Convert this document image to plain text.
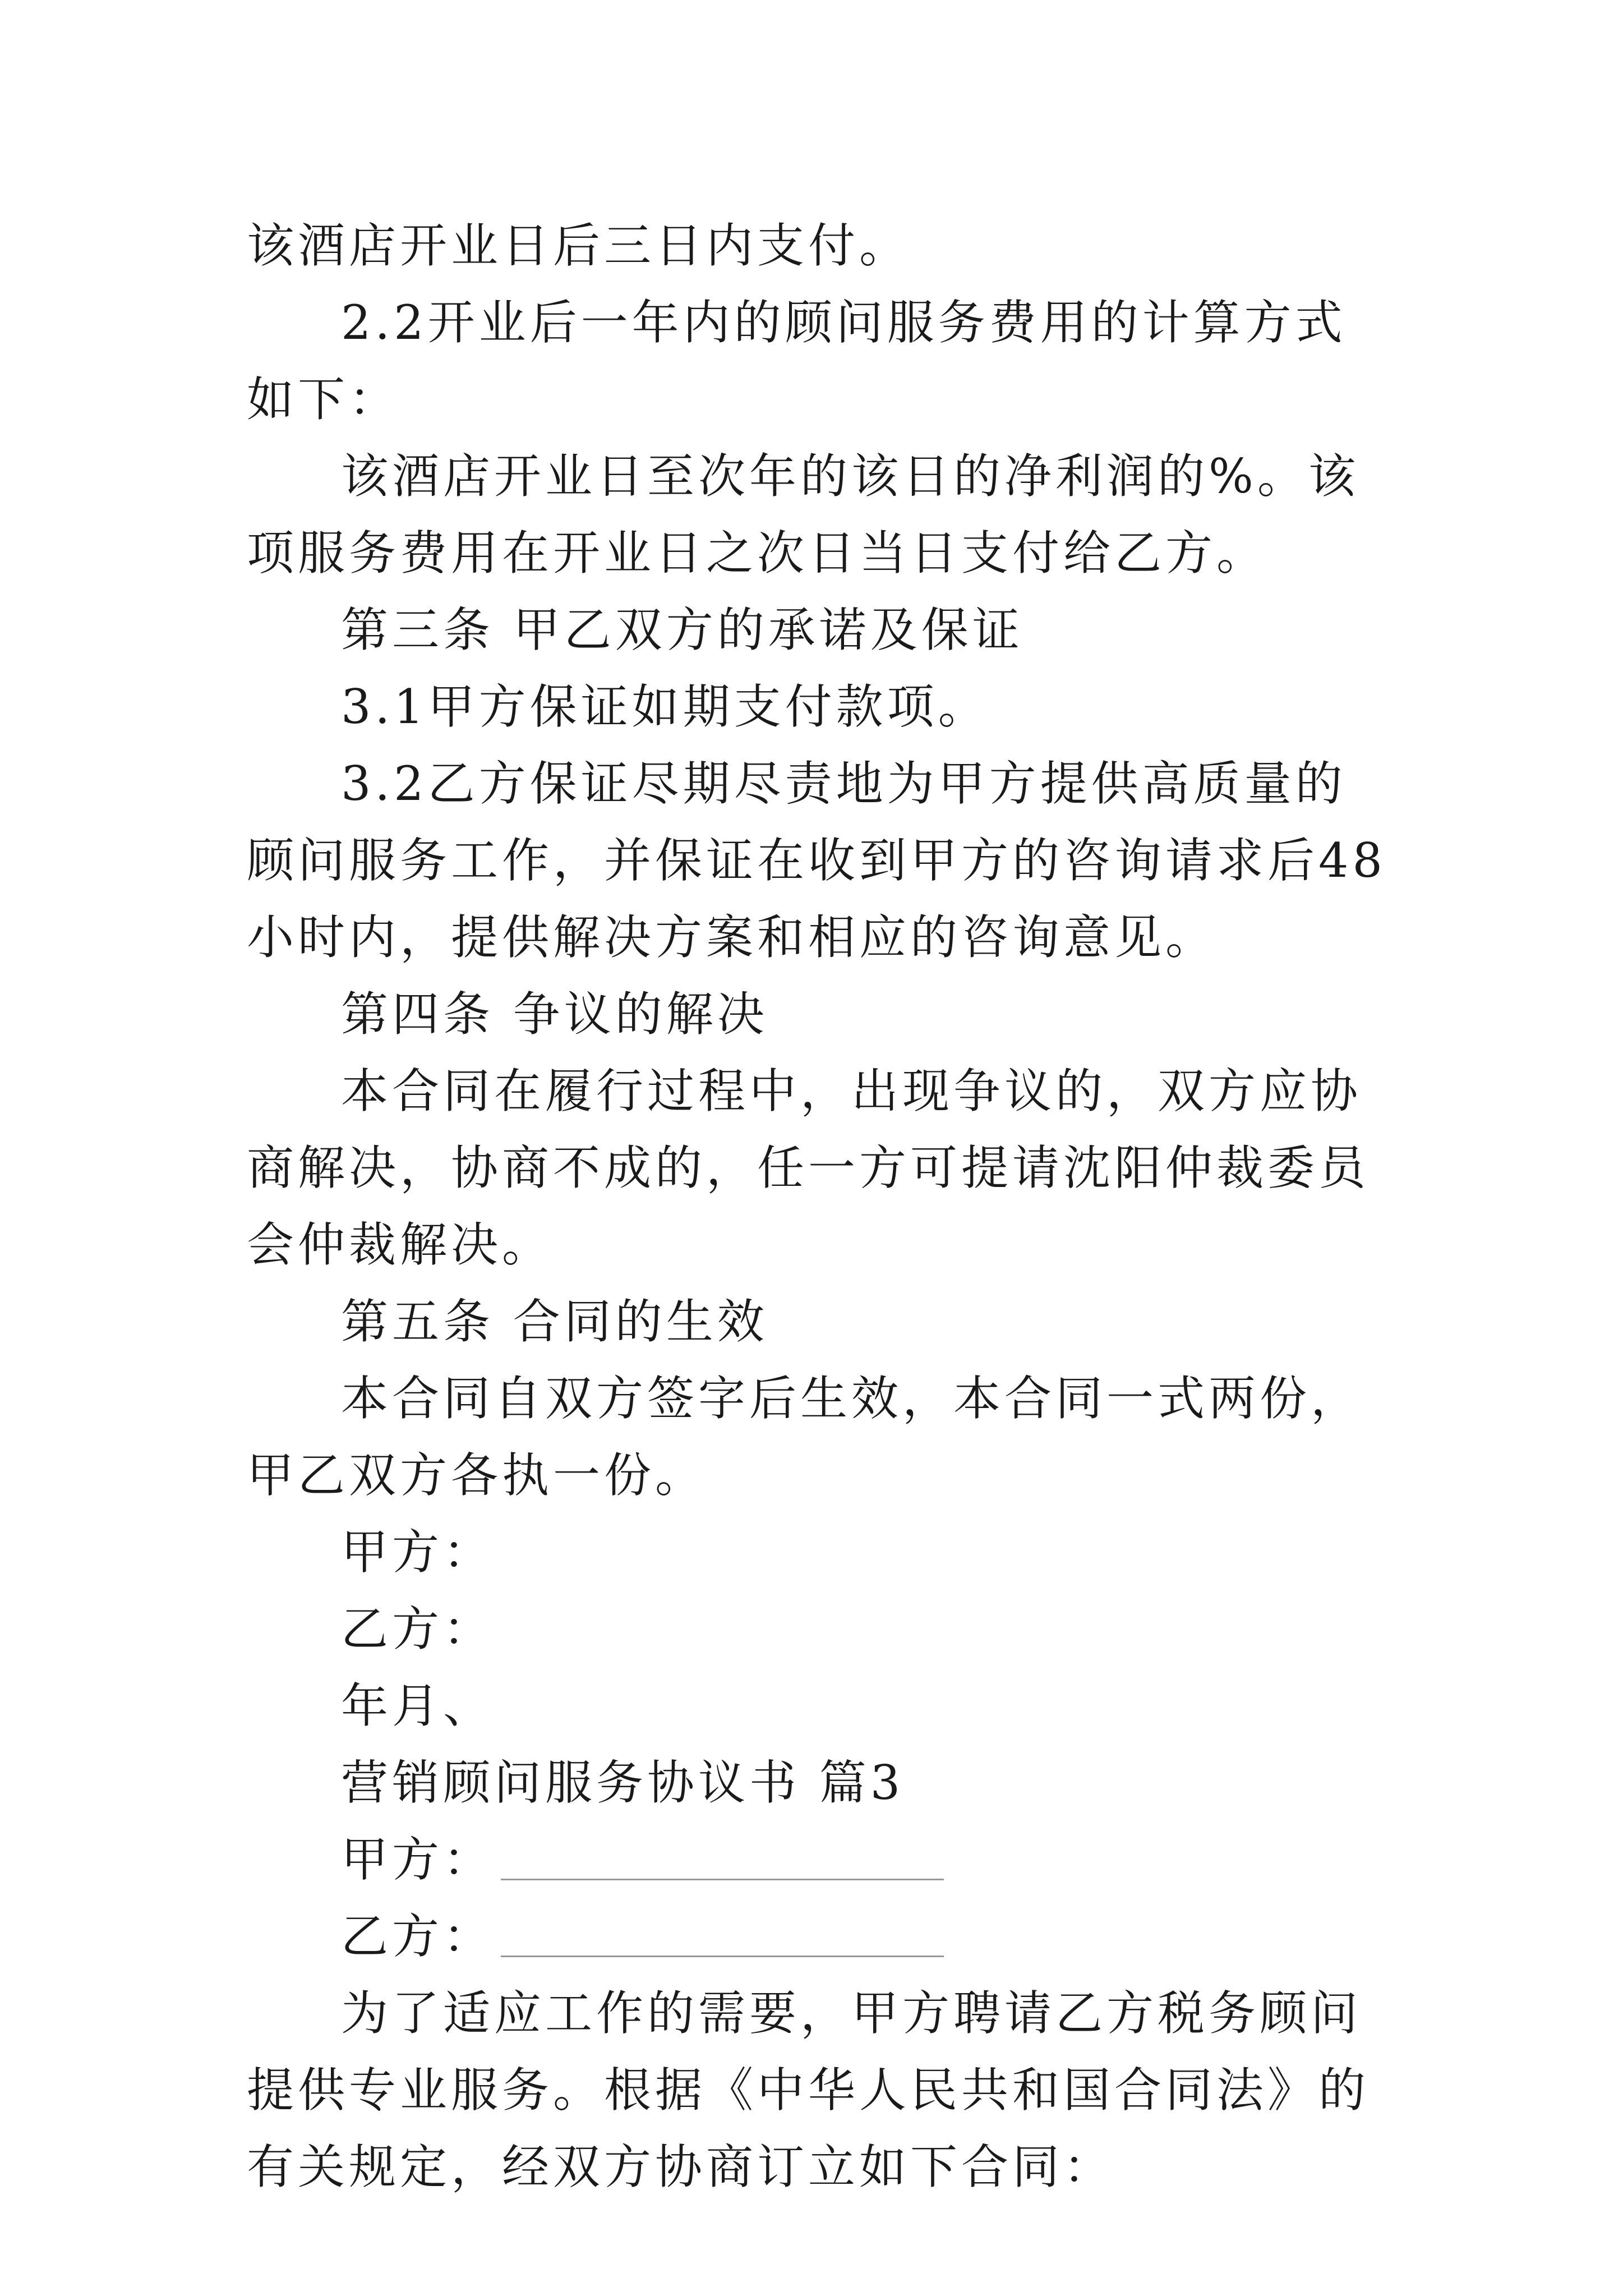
该酒店开业日后三日内支付。

2.2开业后一年内的顾问服务费用的计算方式如下：

该酒店开业日至次年的该日的净利润的%。该项服务费用在开业日之次日当日支付给乙方。

第三条 甲乙双方的承诺及保证

3.1甲方保证如期支付款项。

3.2乙方保证尽期尽责地为甲方提供高质量的顾问服务工作，并保证在收到甲方的咨询请求后48小时内，提供解决方案和相应的咨询意见。

第四条 争议的解决

本合同在履行过程中，出现争议的，双方应协商解决，协商不成的，任一方可提请沈阳仲裁委员会仲裁解决。

第五条 合同的生效

本合同自双方签字后生效，本合同一式两份，甲乙双方各执一份。

甲方：

乙方：

年月、

营销顾问服务协议书 篇3

甲方：

乙方：

为了适应工作的需要，甲方聘请乙方税务顾问提供专业服务。根据《中华人民共和国合同法》的有关规定，经双方协商订立如下合同：
